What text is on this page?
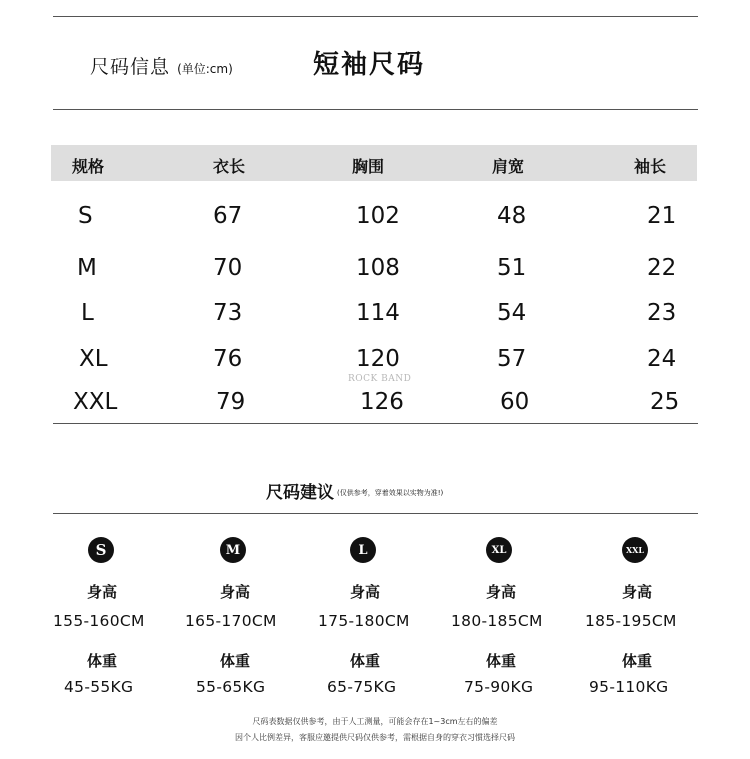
尺码信息 (单位:cm)	短袖尺码
规格	衣长	胸围	肩宽	袖长
S	67	102	48	21
M	70	108	51	22
L	73	114	54	23
XL	76	120	57	24
XXL	79	126	60	25
ROCK BAND
尺码建议 (仅供参考，穿着效果以实物为准!)
S	M	L	XL	XXL
身高	身高	身高	身高	身高
155-160CM	165-170CM	175-180CM	180-185CM	185-195CM
体重	体重	体重	体重	体重
45-55KG	55-65KG	65-75KG	75-90KG	95-110KG
尺码表数据仅供参考，由于人工测量，可能会存在1~3cm左右的偏差
因个人比例差异，客服应邀提供尺码仅供参考，需根据自身的穿衣习惯选择尺码
